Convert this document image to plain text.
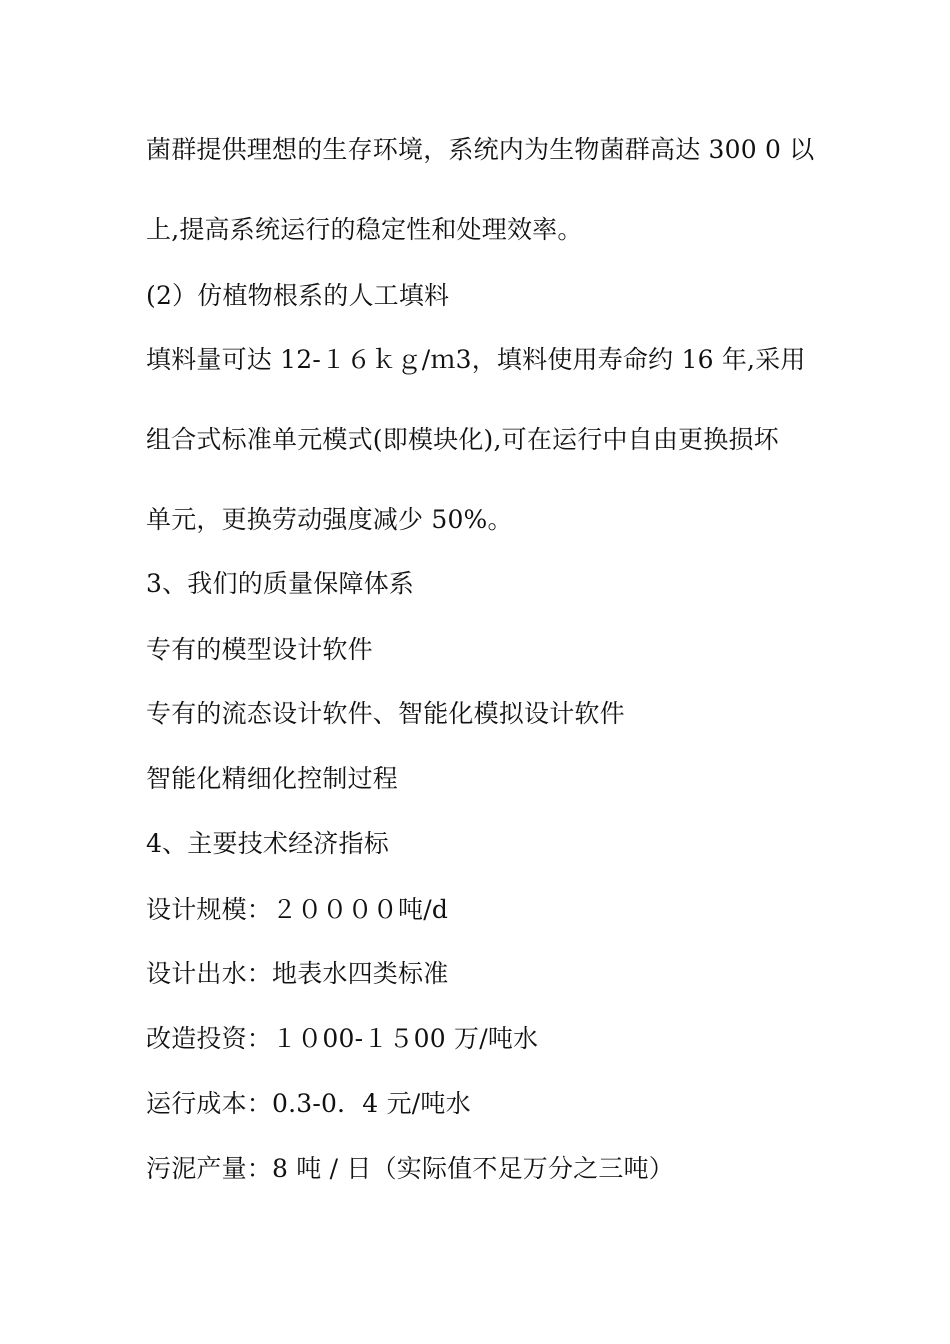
菌群提供理想的生存环境，系统内为生物菌群高达 300 0 以
上,提高系统运行的稳定性和处理效率。
(2）仿植物根系的人工填料
填料量可达 12-１６ｋｇ/ｍ3，填料使用寿命约 16 年,采用
组合式标准单元模式(即模块化),可在运行中自由更换损坏
单元，更换劳动强度减少 50%。
3、我们的质量保障体系
专有的模型设计软件
专有的流态设计软件、智能化模拟设计软件
智能化精细化控制过程
4、主要技术经济指标
设计规模：２００００吨/d
设计出水：地表水四类标准
改造投资：１０00-１５00 万/吨水
运行成本：0.3-0．4 元/吨水
污泥产量：8 吨 / 日（实际值不足万分之三吨）
